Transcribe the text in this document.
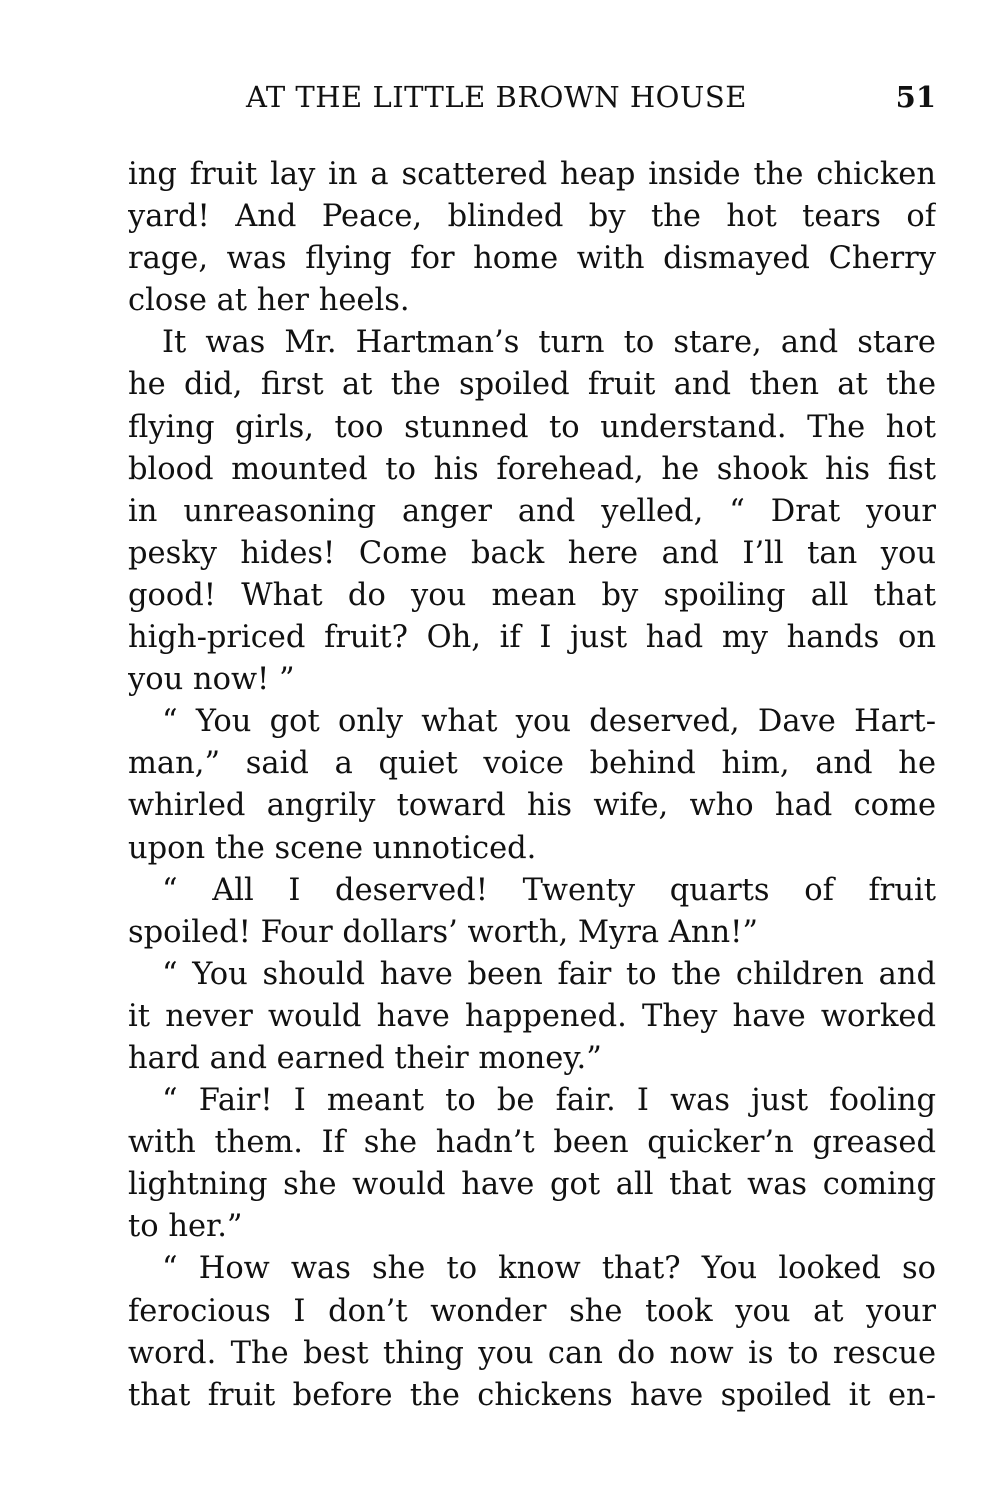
AT THE LITTLE BROWN HOUSE	51
ing fruit lay in a scattered heap inside the chicken
yard! And Peace, blinded by the hot tears of
rage, was flying for home with dismayed Cherry
close at her heels.
It was Mr. Hartman’s turn to stare, and stare
he did, first at the spoiled fruit and then at the
flying girls, too stunned to understand. The hot
blood mounted to his forehead, he shook his fist
in unreasoning anger and yelled, “ Drat your
pesky hides! Come back here and I’ll tan you
good! What do you mean by spoiling all that
high-priced fruit? Oh, if I just had my hands on
you now! ”
“ You got only what you deserved, Dave Hart-
man,” said a quiet voice behind him, and he
whirled angrily toward his wife, who had come
upon the scene unnoticed.
“ All I deserved! Twenty quarts of fruit
spoiled! Four dollars’ worth, Myra Ann!”
“ You should have been fair to the children and
it never would have happened. They have worked
hard and earned their money.”
“ Fair! I meant to be fair. I was just fooling
with them. If she hadn’t been quicker’n greased
lightning she would have got all that was coming
to her.”
“ How was she to know that? You looked so
ferocious I don’t wonder she took you at your
word. The best thing you can do now is to rescue
that fruit before the chickens have spoiled it en-
